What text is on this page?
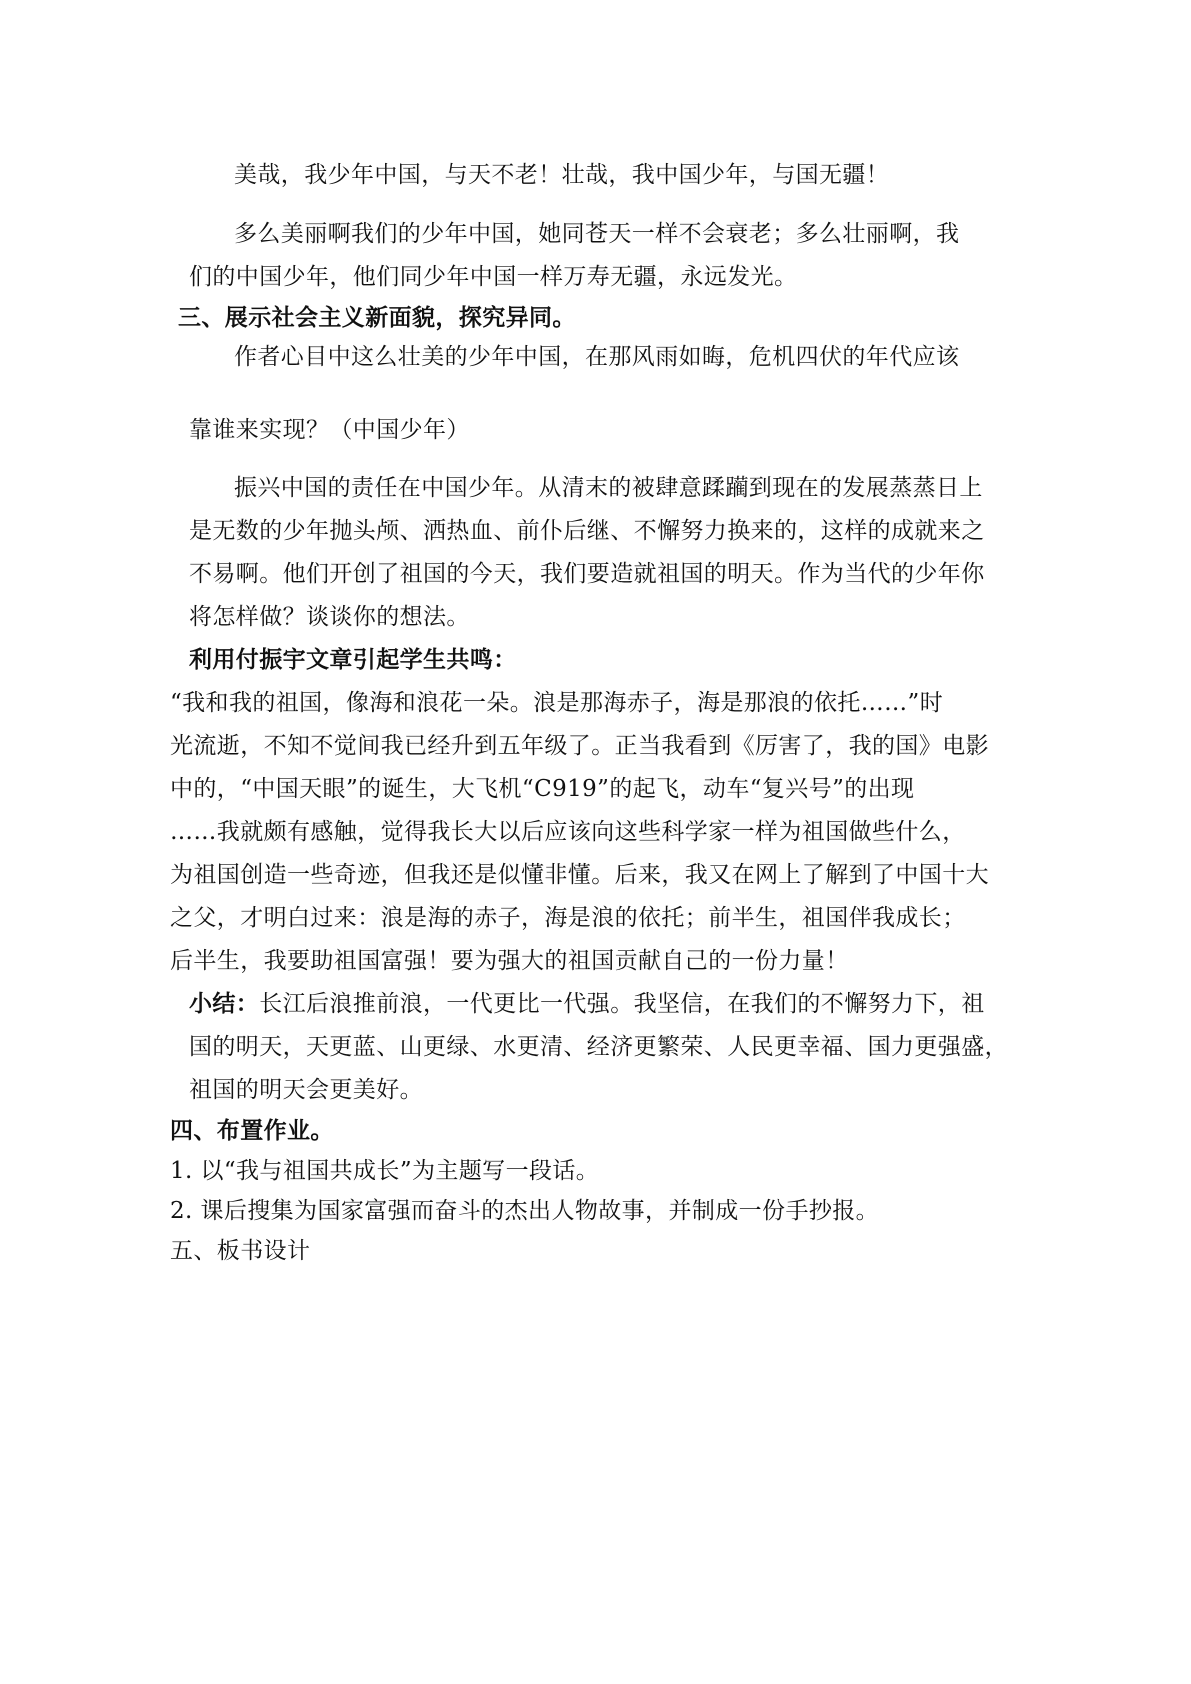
美哉，我少年中国，与天不老！壮哉，我中国少年，与国无疆！

多么美丽啊我们的少年中国，她同苍天一样不会衰老；多么壮丽啊，我

们的中国少年，他们同少年中国一样万寿无疆，永远发光。

三、展示社会主义新面貌，探究异同。

作者心目中这么壮美的少年中国，在那风雨如晦，危机四伏的年代应该

靠谁来实现？（中国少年）

振兴中国的责任在中国少年。从清末的被肆意蹂躏到现在的发展蒸蒸日上

是无数的少年抛头颅、洒热血、前仆后继、不懈努力换来的，这样的成就来之

不易啊。他们开创了祖国的今天，我们要造就祖国的明天。作为当代的少年你

将怎样做？谈谈你的想法。

利用付振宇文章引起学生共鸣：

“我和我的祖国，像海和浪花一朵。浪是那海赤子，海是那浪的依托……”时

光流逝，不知不觉间我已经升到五年级了。正当我看到《厉害了，我的国》电影

中的，“中国天眼”的诞生，大飞机“C919”的起飞，动车“复兴号”的出现

……我就颇有感触，觉得我长大以后应该向这些科学家一样为祖国做些什么，

为祖国创造一些奇迹，但我还是似懂非懂。后来，我又在网上了解到了中国十大

之父，才明白过来：浪是海的赤子，海是浪的依托；前半生，祖国伴我成长；

后半生，我要助祖国富强！要为强大的祖国贡献自己的一份力量！

小结：长江后浪推前浪，一代更比一代强。我坚信，在我们的不懈努力下，祖

国的明天，天更蓝、山更绿、水更清、经济更繁荣、人民更幸福、国力更强盛，

祖国的明天会更美好。

四、布置作业。

1. 以“我与祖国共成长”为主题写一段话。

2. 课后搜集为国家富强而奋斗的杰出人物故事，并制成一份手抄报。

五、板书设计
